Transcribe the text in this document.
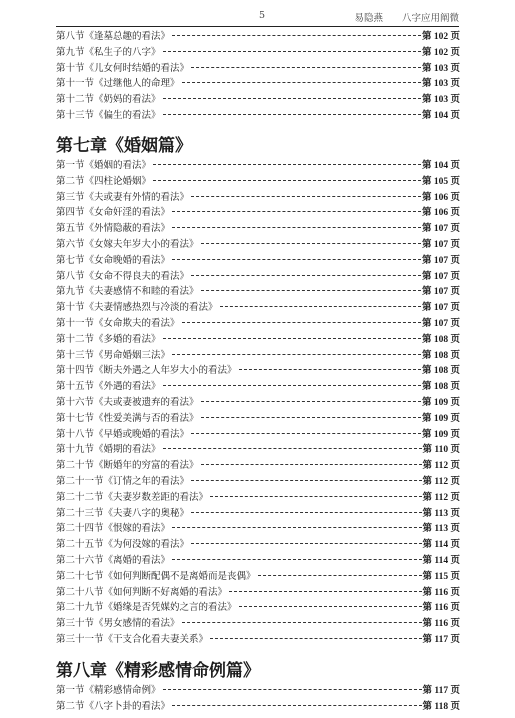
5	易隐燕 八字应用阐微
第八节《逢墓总趣的看法》	第 102 页
第九节《私生子的八字》	第 102 页
第十节《儿女何时结婚的看法》	第 103 页
第十一节《过继他人的命理》	第 103 页
第十二节《奶妈的看法》	第 103 页
第十三节《偏生的看法》	第 104 页
第七章《婚姻篇》
第一节《婚姻的看法》	第 104 页
第二节《四柱论婚姻》	第 105 页
第三节《夫或妻有外情的看法》	第 106 页
第四节《女命奸淫的看法》	第 106 页
第五节《外情隐蔽的看法》	第 107 页
第六节《女嫁夫年岁大小的看法》	第 107 页
第七节《女命晚婚的看法》	第 107 页
第八节《女命不得良夫的看法》	第 107 页
第九节《夫妻感情不和睦的看法》	第 107 页
第十节《夫妻情感热烈与冷淡的看法》	第 107 页
第十一节《女命欺夫的看法》	第 107 页
第十二节《多婚的看法》	第 108 页
第十三节《男命婚姻三法》	第 108 页
第十四节《断夫外遇之人年岁大小的看法》	第 108 页
第十五节《外遇的看法》	第 108 页
第十六节《夫或妻被遗弃的看法》	第 109 页
第十七节《性爱美满与否的看法》	第 109 页
第十八节《早婚或晚婚的看法》	第 109 页
第十九节《婚期的看法》	第 110 页
第二十节《断婚年的穷富的看法》	第 112 页
第二十一节《订情之年的看法》	第 112 页
第二十二节《夫妻岁数差距的看法》	第 112 页
第二十三节《夫妻八字的奥秘》	第 113 页
第二十四节《恨嫁的看法》	第 113 页
第二十五节《为何没嫁的看法》	第 114 页
第二十六节《离婚的看法》	第 114 页
第二十七节《如何判断配偶不是离婚而是丧偶》	第 115 页
第二十八节《如何判断不好离婚的看法》	第 116 页
第二十九节《婚缘是否凭媒妁之言的看法》	第 116 页
第三十节《男女感情的看法》	第 116 页
第三十一节《干支合化看夫妻关系》	第 117 页
第八章《精彩感情命例篇》
第一节《精彩感情命例》	第 117 页
第二节《八字卜卦的看法》	第 118 页
